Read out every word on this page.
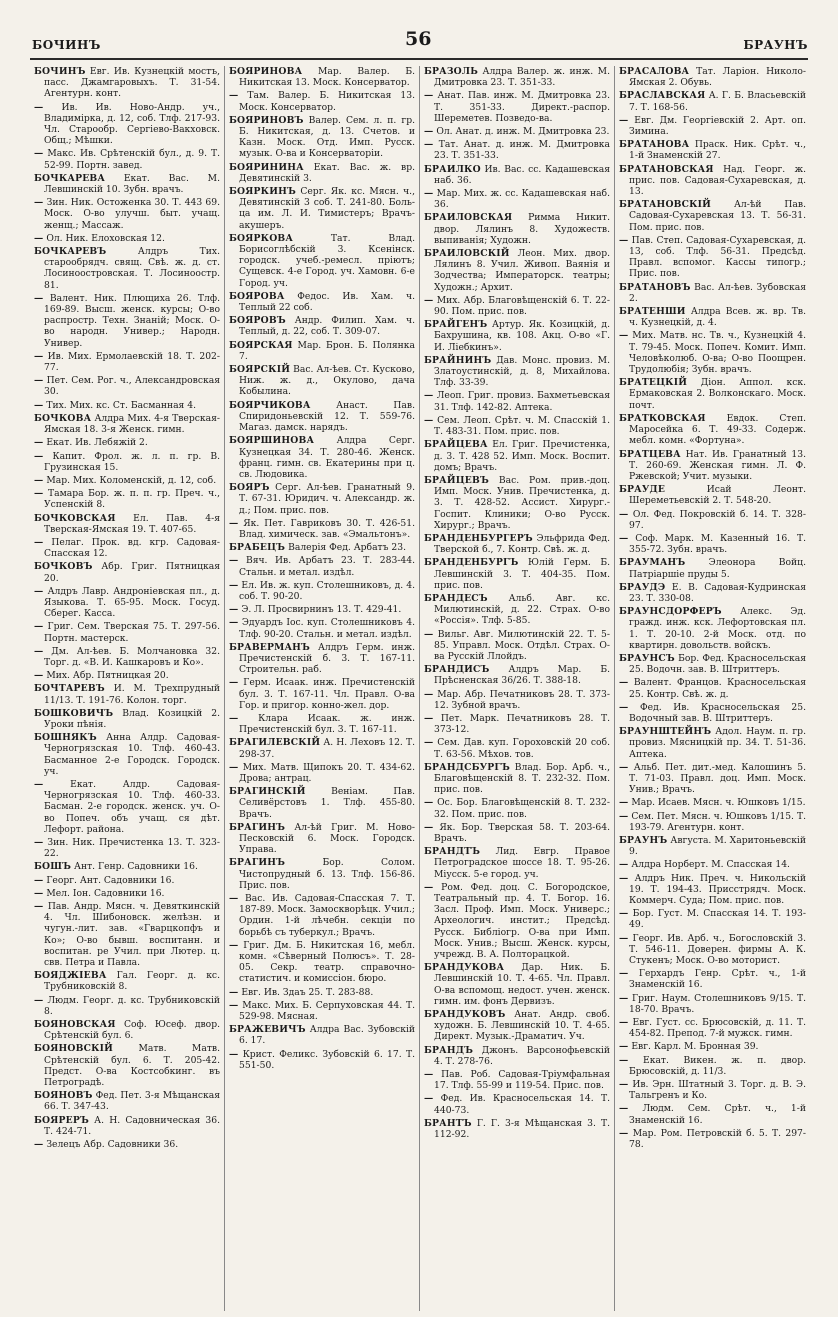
БОЧИНЪ	56	БРАУНЪ
БОЧИНЪ Евг. Ив. Кузнецкій мостъ, пасс. Джамгаровыхъ. Т. 31-54. Агентурн. конт.
— Ив. Ив. Ново-Андр. уч., Владимірка, д. 12, соб. Тлф. 217-93. Чл. Старообр. Сергіево-Вакховск. Общ.; Мѣшки.
— Макс. Ив. Срѣтенскій бул., д. 9. Т. 52-99. Портн. завед.
БОЧКАРЕВА Екат. Вас. М. Левшинскій 10. Зубн. врачъ.
— Зин. Ник. Остоженка 30. Т. 443 69. Моск. О-во улучш. быт. учащ. женщ.; Массаж.
— Ол. Ник. Елоховская 12.
БОЧКАРЕВЪ	Алдръ Тих. старообрядч. свящ. Свѣ. ж. д. ст. Лосиноостровская. Т. Лосиноостр. 81.
— Валент. Ник. Плющиха 26. Тлф. 169-89. Высш. женск. курсы; О-во распростр. Техн. Знаній; Моск. О-во народн. Универ.; Народн. Универ.
— Ив. Мих. Ермолаевскій 18. Т. 202-77.
— Пет. Сем. Рог. ч., Александровская 30.
— Тих. Мих. кс. Ст. Басманная 4.
БОЧКОВА Алдра Мих. 4-я Тверская-Ямская 18. 3-я Женск. гимн.
— Екат. Ив. Лебяжій 2.
— Капит. Фрол. ж. л. п. гр. В. Грузинская 15.
— Мар. Мих. Коломенскій, д. 12, соб.
— Тамара Бор. ж. п. п. гр. Преч. ч., Успенскій 8.
БОЧКОВСКАЯ Ел. Пав. 4-я Тверская-Ямская 19. Т. 407-65.
— Пелаг. Прок. вд. кгр. Садовая-Спасская 12.
БОЧКОВЪ Абр. Григ. Пятницкая 20.
— Алдръ Лавр. Андроніевская пл., д. Языкова. Т. 65-95. Моск. Госуд. Сберег. Касса.
— Григ. Сем. Тверская 75. Т. 297-56. Портн. мастерск.
— Дм. Ал-ѣев. Б. Молчановка 32. Торг. д. «В. И. Кашкаровъ и Ко».
— Мих. Абр. Пятницкая 20.
БОЧТАРЕВЪ И. М. Трехпрудный 11/13. Т. 191-76. Колон. торг.
БОШКОВИЧЪ Влад. Козицкій 2. Уроки пѣнія.
БОШНЯКЪ Анна Алдр. Садовая-Черногрязская 10. Тлф. 460-43. Басманное 2-е Городск. Городск. уч.
—	Екат. Алдр. Садовая-Черногрязская 10. Тлф. 460-33. Басман. 2-е городск. женск. уч. О-во Попеч. объ учащ. ся дѣт. Лефорт. района.
— Зин. Ник. Пречистенка 13. Т. 323-22.
БОШЪ Ант. Генр. Садовники 16.
— Георг. Ант. Садовники 16.
— Мел. Іон. Садовники 16.
— Пав. Андр. Мясн. ч. Девяткинскій 4. Чл. Шибоновск. желѣзн. и чугун.-лит. зав. «Гварцкопфъ и Ко»; О-во бывш. воспитанн. и воспитан. ре Учил. при Лютер. ц. свв. Петра и Павла.
БОЯДЖІЕВА Гал. Георг. д. кс. Трубниковскій 8.
— Людм. Георг. д. кс. Трубниковскій 8.
БОЯНОВСКАЯ Соф. Юсеф. двор. Срѣтенскій бул. 6.
БОЯНОВСКІЙ	Матв. Матв. Срѣтенскій бул. 6. Т. 205-42. Предст. О-ва Костсобкинг. въ Петроградѣ.
БОЯНОВЪ Фед. Пет. 3-я Мѣщанская 66. Т. 347-43.
БОЯРЕРЪ А. Н. Садовническая 36. Т. 424-71.
— Зелецъ Абр. Садовники 36.
БОЯРИНОВА Мар. Валер. Б. Никитская 13. Моск. Консерватор.
— Там. Валер. Б. Никитская 13. Моск. Консерватор.
БОЯРИНОВЪ Валер. Сем. л. п. гр. Б. Никитская, д. 13. Счетов. и Казн. Моск. Отд. Имп. Русск. музык. О-ва и Консерваторіи.
БОЯРИНИНА Екат. Вас. ж. вр. Девятинскій 3.
БОЯРКИНЪ Серг. Як. кс. Мясн. ч., Девятинскій 3 соб. Т. 241-80. Боль-ца им. Л. И. Тимистеръ; Врачъ-акушеръ.
БОЯРКОВА	Тат. Влад. Борисоглѣбскій 3. Ксенінск. городск. учеб.-ремесл. пріютъ; Сущевск. 4-е Город. уч. Хамовн. 6-е Город. уч.
БОЯРОВА Федос. Ив. Хам. ч. Теплый 22 соб.
БОЯРОВЪ Андр. Филип. Хам. ч. Теплый, д. 22, соб. Т. 309-07.
БОЯРСКАЯ Мар. Брон. Б. Полянка 7.
БОЯРСКІЙ Вас. Ал-ѣев. Ст. Кусково, Ниж. ж. д., Окулово, дача Кобылина.
БОЯРЧИКОВА	Анаст. Пав. Спиридоньевскій 12. Т. 559-76. Магаз. дамск. нарядъ.
БОЯРШИНОВА Алдра Серг. Кузнецкая 34. Т. 280-46. Женск. франц. гимн. св. Екатерины при ц. св. Людовика.
БОЯРЪ Серг. Ал-ѣев. Гранатный 9. Т. 67-31. Юридич. ч. Александр. ж. д.; Пом. прис. пов.
— Як. Пет. Гавриковъ 30. Т. 426-51. Влад. химическ. зав. «Эмальтонъ».
БРАБЕЦЪ Валерія Фед. Арбатъ 23.
— Вяч. Ив. Арбатъ 23. Т. 283-44. Стальн. и метал. издѣл.
— Ел. Ив. ж. куп. Столешниковъ, д. 4. соб. Т. 90-20.
— Э. Л. Просвирнинъ 13. Т. 429-41.
— Эдуардъ Іос. куп. Столешниковъ 4. Тлф. 90-20. Стальн. и метал. издѣл.
БРАВЕРМАНЪ Алдръ Герм. инж. Пречистенскій б. 3. Т. 167-11. Строительн. раб.
— Герм. Исаак. инж. Пречистенскій бул. 3. Т. 167-11. Чл. Правл. О-ва Гор. и пригор. конно-жел. дор.
— Клара Исаак. ж. инж. Пречистенскій бул. 3. Т. 167-11.
БРАГИЛЕВСКІЙ А. Н. Леховъ 12. Т. 298-37.
— Мих. Матв. Щипокъ 20. Т. 434-62. Дрова; антрац.
БРАГИНСКІЙ	Веніам. Пав. Селивёрстовъ 1. Тлф. 455-80. Врачъ.
БРАГИНЪ Ал-ѣй Григ. М. Ново-Песковскій 6. Моск. Городск. Управа.
БРАГИНЪ	Бор. Солом. Чистопрудный б. 13. Тлф. 156-86. Прис. пов.
— Вас. Ив. Садовая-Спасская 7. Т. 187-89. Моск. Замоскворѣцк. Учил.; Ордин. 1-й лѣчебн. секціи по борьбѣ съ туберкул.; Врачъ.
— Григ. Дм. Б. Никитская 16, мебл. комн. «Сѣверный Полюсъ». Т. 28-05. Секр. театр. справочно-статистич. и комиссіон. бюро.
— Евг. Ив. Здаъ 25. Т. 283-88.
— Макс. Мих. Б. Серпуховская 44. Т. 529-98. Мясная.
БРАЖЕВИЧЪ Алдра Вас. Зубовскій 6. 17.
— Крист. Феликс. Зубовскій 6. 17. Т. 551-50.
БРАЗОЛЬ Алдра Валер. ж. инж. М. Дмитровка 23. Т. 351-33.
— Анат. Пав. инж. М. Дмитровка 23. Т. 351-33. Директ.-распор. Шереметев. Позведо-ва.
— Ол. Анат. д. инж. М. Дмитровка 23.
— Тат. Анат. д. инж. М. Дмитровка 23. Т. 351-33.
БРАИЛКО Ив. Вас. сс. Кадашевская наб. 36.
— Мар. Мих. ж. сс. Кадашевская наб. 36.
БРАИЛОВСКАЯ Римма Никит. двор. Лялинъ 8. Художеств. выпиванія; Художн.
БРАИЛОВСКІЙ Леон. Мих. двор. Лялинъ 8. Учил. Живоп. Ваянія и Зодчества; Императорск. театры; Художн.; Архит.
— Мих. Абр. Благовѣщенскій 6. Т. 22-90. Пом. прис. пов.
БРАЙГЕНЪ Артур. Як. Козицкій, д. Бахрушина, кв. 108. Акц. О-во «Г. И. Ліебкинъ».
БРАЙНИНЪ Дав. Монс. провиз. М. Златоустинскій, д. 8, Михайлова. Тлф. 33-39.
— Леоп. Григ. провиз. Бахметьевская 31. Тлф. 142-82. Аптека.
— Сем. Леоп. Срѣт. ч. М. Спасскій 1. Т. 483-31. Пом. прис. пов.
БРАЙЦЕВА Ел. Григ. Пречистенка, д. 3. Т. 428 52. Имп. Моск. Воспит. домъ; Врачъ.
БРАЙЦЕВЪ Вас. Ром. прив.-доц. Имп. Моск. Унив. Пречистенка, д. 3. Т. 428-52. Ассист. Хирург.-Госпит. Клиники; О-во Русск. Хирург.; Врачъ.
БРАНДЕНБУРГЕРЪ Эльфрида Фед. Тверской б., 7. Контр. Свѣ. ж. д.
БРАНДЕНБУРГЪ Юлій Герм. Б. Левшинскій 3. Т. 404-35. Пом. прис. пов.
БРАНДЕСЪ Альб. Авг. кс. Милютинскій, д. 22. Страх. О-во «Россія». Тлф. 5-85.
— Вильг. Авг. Милютинскій 22. Т. 5-85. Управл. Моск. Отдѣл. Страх. О-ва Русскій Ллойдъ.
БРАНДИСЪ Алдръ Мар. Б. Прѣсненская 36/26. Т. 388-18.
— Мар. Абр. Печатниковъ 28. Т. 373-12. Зубной врачъ.
— Пет. Марк. Печатниковъ 28. Т. 373-12.
— Сем. Дав. куп. Гороховскій 20 соб. Т. 63-56. Мѣхов. тов.
БРАНДСБУРГЪ Влад. Бор. Арб. ч., Благовѣщенскій 8. Т. 232-32. Пом. прис. пов.
— Ос. Бор. Благовѣщенскій 8. Т. 232-32. Пом. прис. пов.
— Як. Бор. Тверская 58. Т. 203-64. Врачъ.
БРАНДТЪ Лид. Евгр. Правое Петроградское шоссе 18. Т. 95-26. Міусск. 5-е город. уч.
— Ром. Фед. доц. С. Богородское, Театральный пр. 4. Т. Богор. 16. Засл. Проф. Имп. Моск. Универс.; Археологич. инстит.; Предсѣд. Русск. Библіогр. О-ва при Имп. Моск. Унив.; Высш. Женск. курсы, учрежд. В. А. Полторацкой.
БРАНДУКОВА Дар. Ник. Б. Левшинскій 10. Т. 4-65. Чл. Правл. О-ва вспомощ. недост. учен. женск. гимн. им. фонъ Дервизъ.
БРАНДУКОВЪ Анат. Андр. своб. художн. Б. Левшинскій 10. Т. 4-65. Директ. Музык.-Драматич. Уч.
БРАНДЪ Джонъ. Варсонофьевскій 4. Т. 278-76.
— Пав. Роб. Садовая-Тріумфальная 17. Тлф. 55-99 и 119-54. Прис. пов.
— Фед. Ив. Красносельская 14. Т. 440-73.
БРАНТЪ Г. Г. 3-я Мѣщанская 3. Т. 112-92.
БРАСАЛОВА Тат. Ларіон. Николо-Ямская 2. Обувь.
БРАСЛАВСКАЯ А. Г. Б. Власьевскій 7. Т. 168-56.
— Евг. Дм. Георгіевскій 2. Арт. оп. Зимина.
БРАТАНОВА Праск. Ник. Срѣт. ч., 1-й Знаменскій 27.
БРАТАНОВСКАЯ Над. Георг. ж. прис. пов. Садовая-Сухаревская, д. 13.
БРАТАНОВСКІЙ Ал-ѣй Пав. Садовая-Сухаревская 13. Т. 56-31. Пом. прис. пов.
— Пав. Степ. Садовая-Сухаревская, д. 13, соб. Тлф. 56-31. Предсѣд. Правл. вспомог. Кассы типогр.; Прис. пов.
БРАТАНОВЪ Вас. Ал-ѣев. Зубовская 2.
БРАТЕНШИ Алдра Всев. ж. вр. Тв. ч. Кузнецкій, д. 4.
— Мих. Матв. нс. Тв. ч., Кузнецкій 4. Т. 79-45. Моск. Попеч. Комит. Имп. Человѣколюб. О-ва; О-во Поощрен. Трудолюбія; Зубн. врачъ.
БРАТЕЦКІЙ Діон. Аппол. кск. Ермаковская 2. Волконскаго. Моск. почт.
БРАТКОВСКАЯ Евдок. Степ. Маросейка 6. Т. 49-33. Содерж. мебл. комн. «Фортуна».
БРАТЦЕВА Нат. Ив. Гранатный 13. Т. 260-69. Женская гимн. Л. Ф. Ржевской; Учит. музыки.
БРАУДЕ	Исай Леонт. Шереметьевскій 2. Т. 548-20.
— Ол. Фед. Покровскій б. 14. Т. 328-97.
— Соф. Марк. М. Казенный 16. Т. 355-72. Зубн. врачъ.
БРАУМАНЪ	Элеонора Войц. Патріаршіе пруды 5.
БРАУДЭ Е. В. Садовая-Кудринская 23. Т. 330-08.
БРАУНСДОРФЕРЪ Алекс. Эд. гражд. инж. кск. Лефортовская пл. 1. Т. 20-10. 2-й Моск. отд. по квартирн. довольств. войскъ.
БРАУНСЪ Бор. Фед. Красносельская 25. Водочн. зав. В. Штриттеръ.
— Валент. Францов. Красносельская 25. Контр. Свѣ. ж. д.
— Фед. Ив. Красносельская 25. Водочный зав. В. Штриттеръ.
БРАУНШТЕЙНЪ Адол. Наум. п. гр. провиз. Мясницкій пр. 34. Т. 51-36. Аптека.
— Альб. Пет. дит.-мед. Калошинъ 5. Т. 71-03. Правл. доц. Имп. Моск. Унив.; Врачъ.
— Мар. Исаев. Мясн. ч. Юшковъ 1/15.
— Сем. Пет. Мясн. ч. Юшковъ 1/15. Т. 193-79. Агентурн. конт.
БРАУНЪ Августа. М. Харитоньевскій 9.
— Алдра Норберт. М. Спасская 14.
— Алдръ Ник. Преч. ч. Никольскій 19. Т. 194-43. Присстрядч. Моск. Коммерч. Суда; Пом. прис. пов.
— Бор. Густ. М. Спасская 14. Т. 193-49.
— Георг. Ив. Арб. ч., Богословскій 3. Т. 546-11. Доверен. фирмы А. К. Стукенъ; Моск. О-во моторист.
— Герхардъ Генр. Срѣт. ч., 1-й Знаменскій 16.
— Григ. Наум. Столешниковъ 9/15. Т. 18-70. Врачъ.
— Евг. Густ. сс. Брюсовскій, д. 11. Т. 454-82. Препод. 7-й мужск. гимн.
— Евг. Карл. М. Бронная 39.
— Екат. Викен. ж. п. двор. Брюсовскій, д. 11/3.
— Ив. Эрн. Штатный 3. Торг. д. В. Э. Тальгренъ и Ко.
— Людм. Сем. Срѣт. ч., 1-й Знаменскій 16.
— Мар. Ром. Петровскій б. 5. Т. 297-78.
